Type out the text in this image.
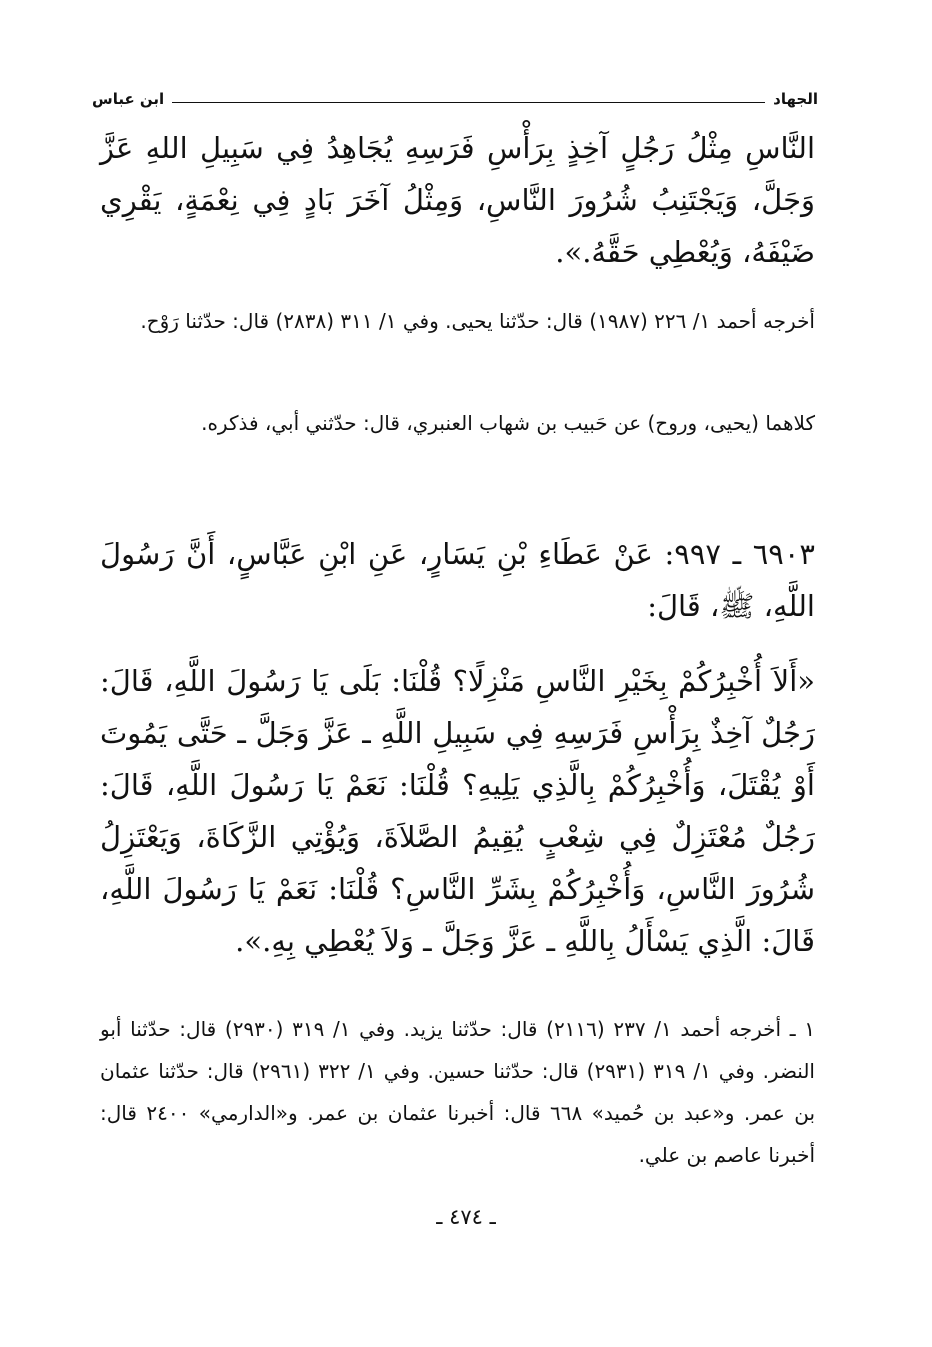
الجهاد
ابن عباس

النَّاسِ مِثْلُ رَجُلٍ آخِذٍ بِرَأْسِ فَرَسِهِ يُجَاهِدُ فِي سَبِيلِ اللهِ عَزَّ وَجَلَّ، وَيَجْتَنِبُ شُرُورَ النَّاسِ، وَمِثْلُ آخَرَ بَادٍ فِي نِعْمَةٍ، يَقْرِي ضَيْفَهُ، وَيُعْطِي حَقَّهُ.».

أخرجه أحمد ١/ ٢٢٦ (١٩٨٧) قال: حدّثنا يحيى. وفي ١/ ٣١١ (٢٨٣٨) قال: حدّثنا رَوْح.

كلاهما (يحيى، وروح) عن حَبيب بن شهاب العنبري، قال: حدّثني أبي، فذكره.

٦٩٠٣ ـ ٩٩٧: عَنْ عَطَاءِ بْنِ يَسَارٍ، عَنِ ابْنِ عَبَّاسٍ، أَنَّ رَسُولَ اللَّهِ، ﷺ، قَالَ:

«أَلاَ أُخْبِرُكُمْ بِخَيْرِ النَّاسِ مَنْزِلًا؟ قُلْنَا: بَلَى يَا رَسُولَ اللَّهِ، قَالَ: رَجُلٌ آخِذٌ بِرَأْسِ فَرَسِهِ فِي سَبِيلِ اللَّهِ ـ عَزَّ وَجَلَّ ـ حَتَّى يَمُوتَ أَوْ يُقْتَلَ، وَأُخْبِرُكُمْ بِالَّذِي يَلِيهِ؟ قُلْنَا: نَعَمْ يَا رَسُولَ اللَّهِ، قَالَ: رَجُلٌ مُعْتَزِلٌ فِي شِعْبٍ يُقِيمُ الصَّلاَةَ، وَيُؤْتِي الزَّكَاةَ، وَيَعْتَزِلُ شُرُورَ النَّاسِ، وَأُخْبِرُكُمْ بِشَرِّ النَّاسِ؟ قُلْنَا: نَعَمْ يَا رَسُولَ اللَّهِ، قَالَ: الَّذِي يَسْأَلُ بِاللَّهِ ـ عَزَّ وَجَلَّ ـ وَلاَ يُعْطِي بِهِ.».

١ ـ أخرجه أحمد ١/ ٢٣٧ (٢١١٦) قال: حدّثنا يزيد. وفي ١/ ٣١٩ (٢٩٣٠) قال: حدّثنا أبو النضر. وفي ١/ ٣١٩ (٢٩٣١) قال: حدّثنا حسين. وفي ١/ ٣٢٢ (٢٩٦١) قال: حدّثنا عثمان بن عمر. و«عبد بن حُميد» ٦٦٨ قال: أخبرنا عثمان بن عمر. و«الدارمي» ٢٤٠٠ قال: أخبرنا عاصم بن علي.

ـ ٤٧٤ ـ
